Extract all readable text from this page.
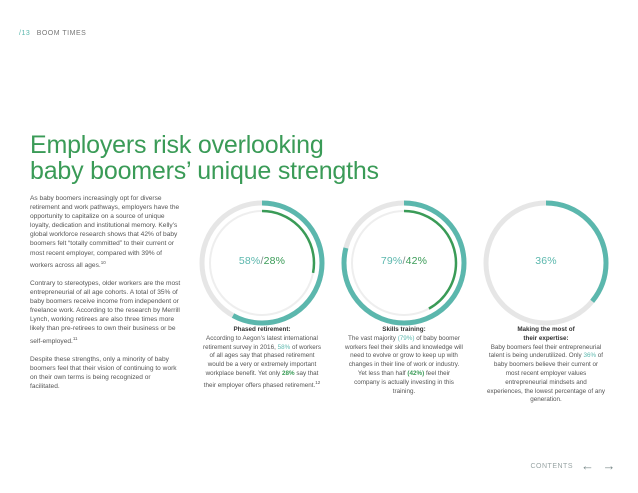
/13 BOOM TIMES
Employers risk overlooking
baby boomers’ unique strengths

As baby boomers increasingly opt for diverse retirement and work pathways, employers have the opportunity to capitalize on a source of unique loyalty, dedication and institutional memory. Kelly’s global workforce research shows that 42% of baby boomers felt “totally committed” to their current or most recent employer, compared with 39% of workers across all ages.$^{10}$

Contrary to stereotypes, older workers are the most entrepreneurial of all age cohorts. A total of 35% of baby boomers receive income from independent or freelance work. According to the research by Merrill Lynch, working retirees are also three times more likely than pre-retirees to own their business or be self-employed.$^{11}$

Despite these strengths, only a minority of baby boomers feel that their vision of continuing to work on their own terms is being recognized or facilitated.

58%/28%	79%/42%	36%
Phased retirement:
According to Aegon’s latest international retirement survey in 2016, 58% of workers of all ages say that phased retirement would be a very or extremely important workplace benefit. Yet only 28% say that their employer offers phased retirement.$^{12}$
Skills training:
The vast majority (79%) of baby boomer workers feel their skills and knowledge will need to evolve or grow to keep up with changes in their line of work or industry. Yet less than half (42%) feel their company is actually investing in this training.
Making the most of their expertise:
Baby boomers feel their entrepreneurial talent is being underutilized. Only 36% of baby boomers believe their current or most recent employer values entrepreneurial mindsets and experiences, the lowest percentage of any generation.
CONTENTS ← →
